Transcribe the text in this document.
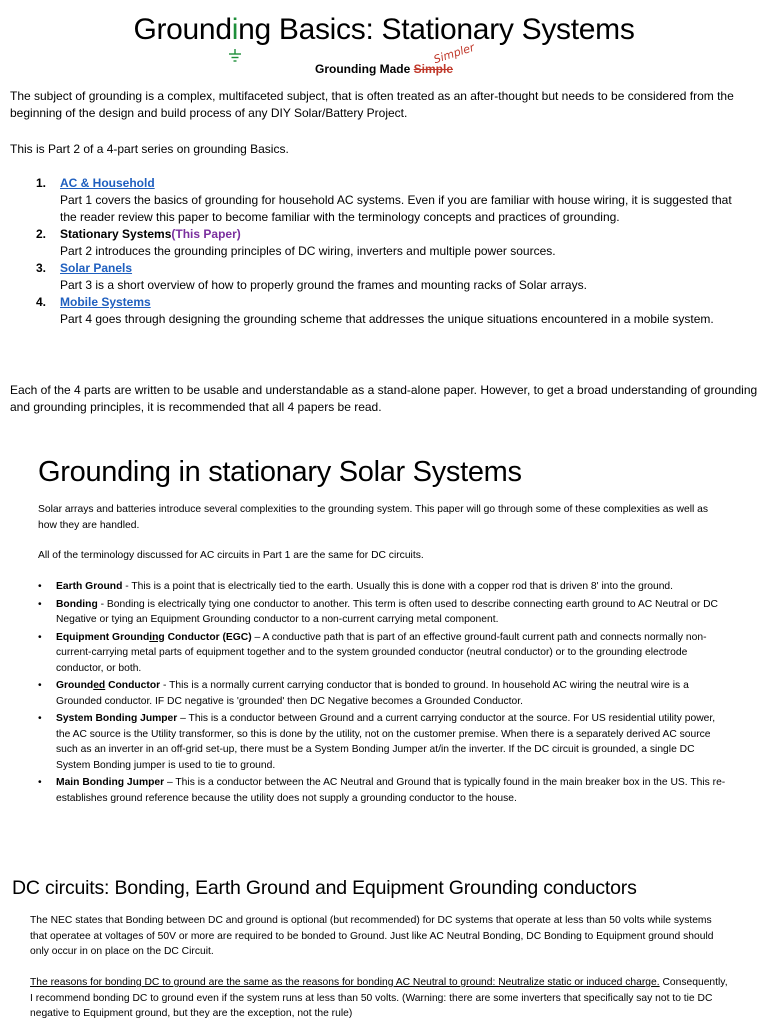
Groundi
ng Basics: Stationary Systems
Grounding Made Simple
Simpler

The subject of grounding is a complex, multifaceted subject, that is often treated as an after-thought but needs to be considered from the beginning of the design and build process of any DIY Solar/Battery Project.

This is Part 2 of a 4-part series on grounding Basics.

1. AC & Household
Part 1 covers the basics of grounding for household AC systems. Even if you are familiar with house wiring, it is suggested that the reader review this paper to become familiar with the terminology concepts and practices of grounding.
2. Stationary Systems(This Paper)
Part 2 introduces the grounding principles of DC wiring, inverters and multiple power sources.
3. Solar Panels
Part 3 is a short overview of how to properly ground the frames and mounting racks of Solar arrays.
4. Mobile Systems
Part 4 goes through designing the grounding scheme that addresses the unique situations encountered in a mobile system.

Each of the 4 parts are written to be usable and understandable as a stand-alone paper. However, to get a broad understanding of grounding and grounding principles, it is recommended that all 4 papers be read.

Grounding in stationary Solar Systems

Solar arrays and batteries introduce several complexities to the grounding system. This paper will go through some of these complexities as well as how they are handled.

All of the terminology discussed for AC circuits in Part 1 are the same for DC circuits.

• Earth Ground - This is a point that is electrically tied to the earth. Usually this is done with a copper rod that is driven 8' into the ground.
• Bonding - Bonding is electrically tying one conductor to another. This term is often used to describe connecting earth ground to AC Neutral or DC Negative or tying an Equipment Grounding conductor to a non-current carrying metal component.
• Equipment Grounding Conductor (EGC) – A conductive path that is part of an effective ground-fault current path and connects normally non-current-carrying metal parts of equipment together and to the system grounded conductor (neutral conductor) or to the grounding electrode conductor, or both.
• Grounded Conductor - This is a normally current carrying conductor that is bonded to ground. In household AC wiring the neutral wire is a Grounded conductor. IF DC negative is 'grounded' then DC Negative becomes a Grounded Conductor.
• System Bonding Jumper – This is a conductor between Ground and a current carrying conductor at the source. For US residential utility power, the AC source is the Utility transformer, so this is done by the utility, not on the customer premise. When there is a separately derived AC source such as an inverter in an off-grid set-up, there must be a System Bonding Jumper at/in the inverter. If the DC circuit is grounded, a single DC System Bonding jumper is used to tie to ground.
• Main Bonding Jumper – This is a conductor between the AC Neutral and Ground that is typically found in the main breaker box in the US. This re-establishes ground reference because the utility does not supply a grounding conductor to the house.
DC circuits: Bonding, Earth Ground and Equipment Grounding conductors

The NEC states that Bonding between DC and ground is optional (but recommended) for DC systems that operate at less than 50 volts while systems that operatee at voltages of 50V or more are required to be bonded to Ground. Just like AC Neutral Bonding, DC Bonding to Equipment ground should only occur in on place on the DC Circuit.

The reasons for bonding DC to ground are the same as the reasons for bonding AC Neutral to ground: Neutralize static or induced charge. Consequently, I recommend bonding DC to ground even if the system runs at less than 50 volts. (Warning: there are some inverters that specifically say not to tie DC negative to Equipment ground, but they are the exception, not the rule)
